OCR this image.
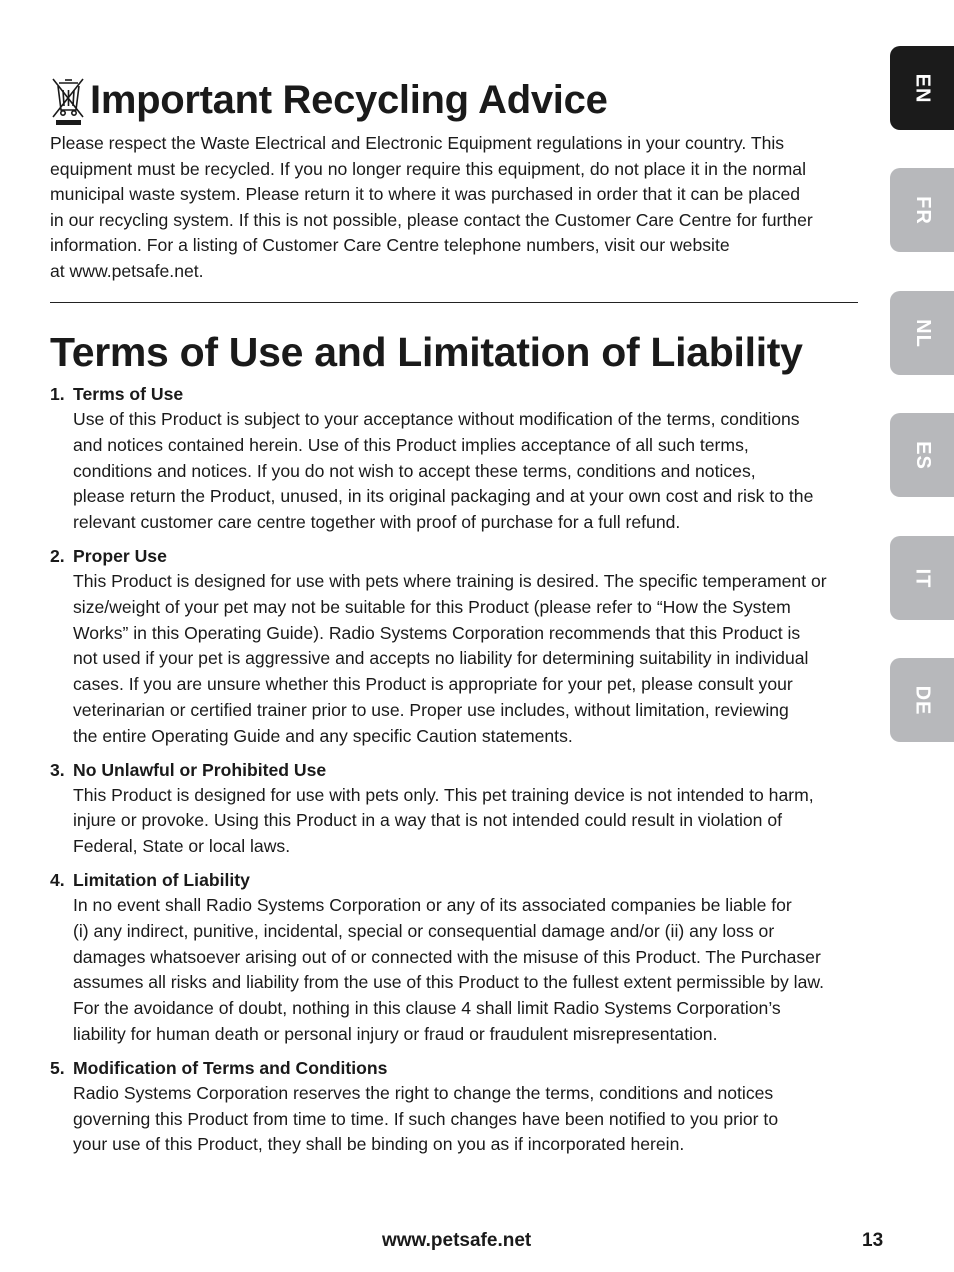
Important Recycling Advice

Please respect the Waste Electrical and Electronic Equipment regulations in your country. This
equipment must be recycled. If you no longer require this equipment, do not place it in the normal
municipal waste system. Please return it to where it was purchased in order that it can be placed
in our recycling system. If this is not possible, please contact the Customer Care Centre for further
information. For a listing of Customer Care Centre telephone numbers, visit our website
at www.petsafe.net.

Terms of Use and Limitation of Liability
1. Terms of Use
Use of this Product is subject to your acceptance without modification of the terms, conditions
and notices contained herein. Use of this Product implies acceptance of all such terms,
conditions and notices. If you do not wish to accept these terms, conditions and notices,
please return the Product, unused, in its original packaging and at your own cost and risk to the
relevant customer care centre together with proof of purchase for a full refund.
2. Proper Use
This Product is designed for use with pets where training is desired. The specific temperament or
size/weight of your pet may not be suitable for this Product (please refer to “How the System
Works” in this Operating Guide). Radio Systems Corporation recommends that this Product is
not used if your pet is aggressive and accepts no liability for determining suitability in individual
cases. If you are unsure whether this Product is appropriate for your pet, please consult your
veterinarian or certified trainer prior to use. Proper use includes, without limitation, reviewing
the entire Operating Guide and any specific Caution statements.
3. No Unlawful or Prohibited Use
This Product is designed for use with pets only. This pet training device is not intended to harm,
injure or provoke. Using this Product in a way that is not intended could result in violation of
Federal, State or local laws.
4. Limitation of Liability
In no event shall Radio Systems Corporation or any of its associated companies be liable for
(i) any indirect, punitive, incidental, special or consequential damage and/or (ii) any loss or
damages whatsoever arising out of or connected with the misuse of this Product. The Purchaser
assumes all risks and liability from the use of this Product to the fullest extent permissible by law.
For the avoidance of doubt, nothing in this clause 4 shall limit Radio Systems Corporation’s
liability for human death or personal injury or fraud or fraudulent misrepresentation.
5. Modification of Terms and Conditions
Radio Systems Corporation reserves the right to change the terms, conditions and notices
governing this Product from time to time. If such changes have been notified to you prior to
your use of this Product, they shall be binding on you as if incorporated herein.
EN
FR
NL
ES
IT
DE
www.petsafe.net	13
